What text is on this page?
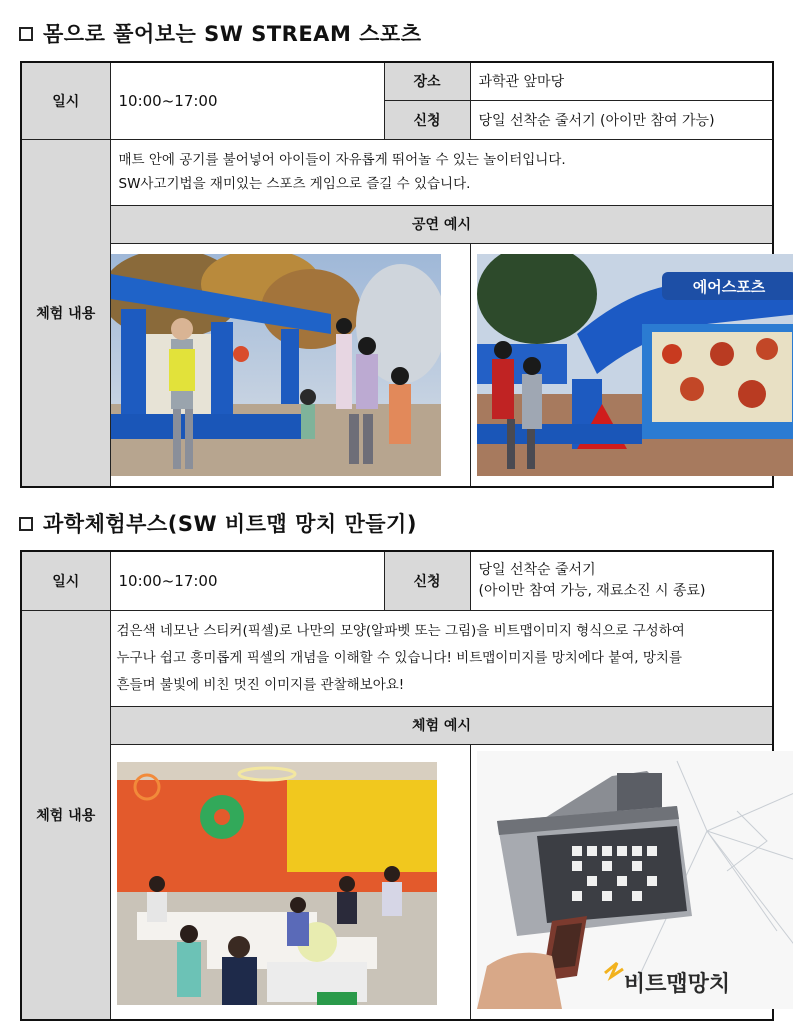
몸으로 풀어보는 SW STREAM 스포츠
일시	10:00~17:00	장소	과학관 앞마당
		신청	당일 선착순 줄서기 (아이만 참여 가능)
체험 내용	매트 안에 공기를 불어넣어 아이들이 자유롭게 뛰어놀 수 있는 놀이터입니다.
SW사고기법을 재미있는 스포츠 게임으로 즐길 수 있습니다.		

	공연 예시		

에어스포츠
과학체험부스(SW 비트맵 망치 만들기)
일시	10:00~17:00	신청	당일 선착순 줄서기
(아이만 참여 가능, 재료소진 시 종료)

체험 내용	검은색 네모난 스티커(픽셀)로 나만의 모양(알파벳 또는 그림)을 비트맵이미지 형식으로 구성하여
누구나 쉽고 흥미롭게 픽셀의 개념을 이해할 수 있습니다! 비트맵이미지를 망치에다 붙여, 망치를
흔들며 불빛에 비친 멋진 이미지를 관찰해보아요!		

	체험 예시		

비트맵망치
